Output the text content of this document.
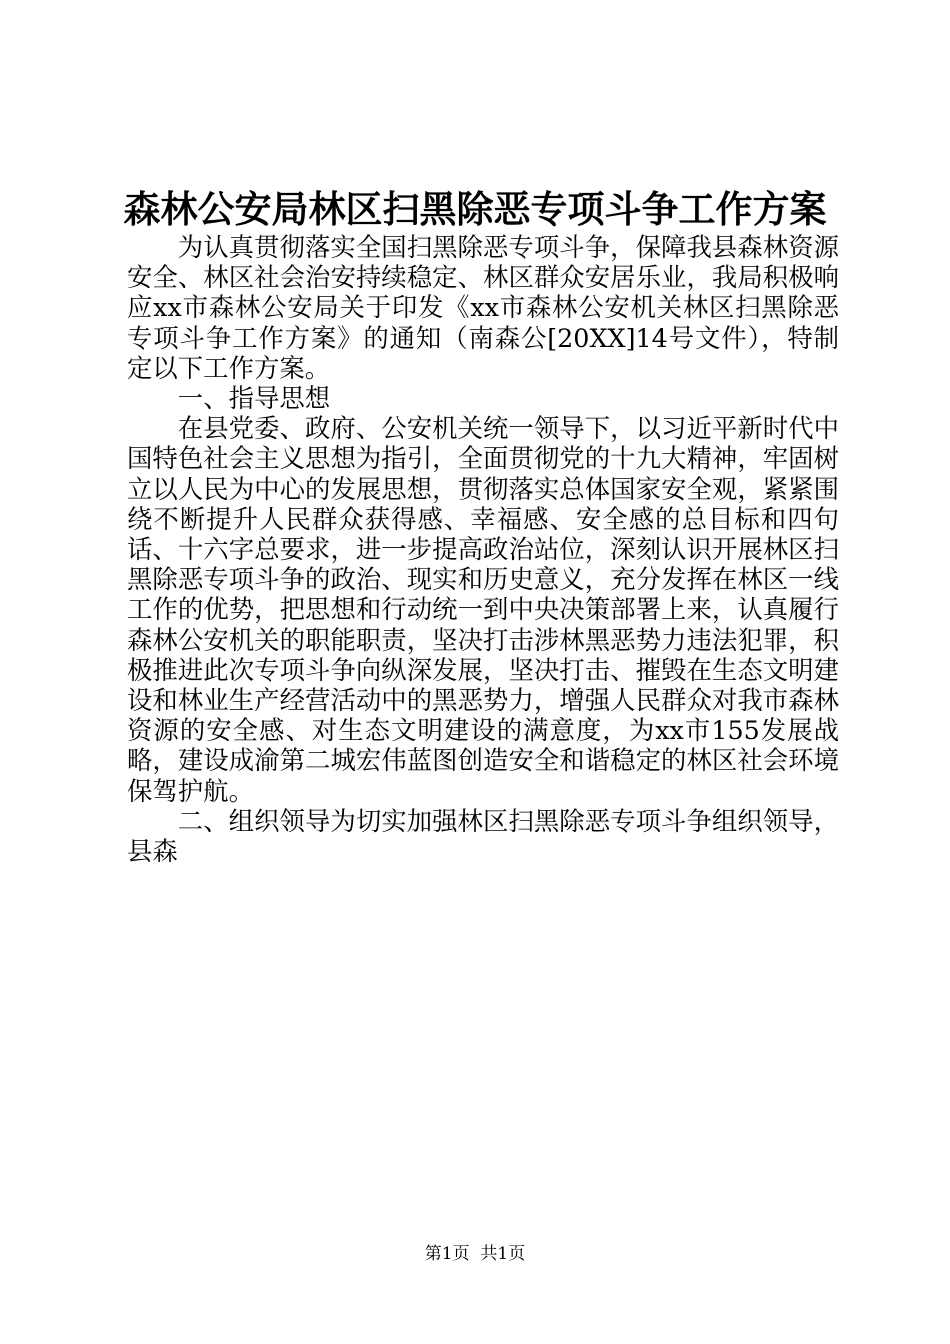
森林公安局林区扫黑除恶专项斗争工作方案

为认真贯彻落实全国扫黑除恶专项斗争，保障我县森林资源安全、林区社会治安持续稳定、林区群众安居乐业，我局积极响应xx市森林公安局关于印发《xx市森林公安机关林区扫黑除恶专项斗争工作方案》的通知（南森公[20XX]14号文件），特制定以下工作方案。

一、指导思想

在县党委、政府、公安机关统一领导下，以习近平新时代中国特色社会主义思想为指引，全面贯彻党的十九大精神，牢固树立以人民为中心的发展思想，贯彻落实总体国家安全观，紧紧围绕不断提升人民群众获得感、幸福感、安全感的总目标和四句话、十六字总要求，进一步提高政治站位，深刻认识开展林区扫黑除恶专项斗争的政治、现实和历史意义，充分发挥在林区一线工作的优势，把思想和行动统一到中央决策部署上来，认真履行森林公安机关的职能职责，坚决打击涉林黑恶势力违法犯罪，积极推进此次专项斗争向纵深发展，坚决打击、摧毁在生态文明建设和林业生产经营活动中的黑恶势力，增强人民群众对我市森林资源的安全感、对生态文明建设的满意度，为xx市155发展战略，建设成渝第二城宏伟蓝图创造安全和谐稳定的林区社会环境保驾护航。

二、组织领导为切实加强林区扫黑除恶专项斗争组织领导，县森

第1页  共1页
